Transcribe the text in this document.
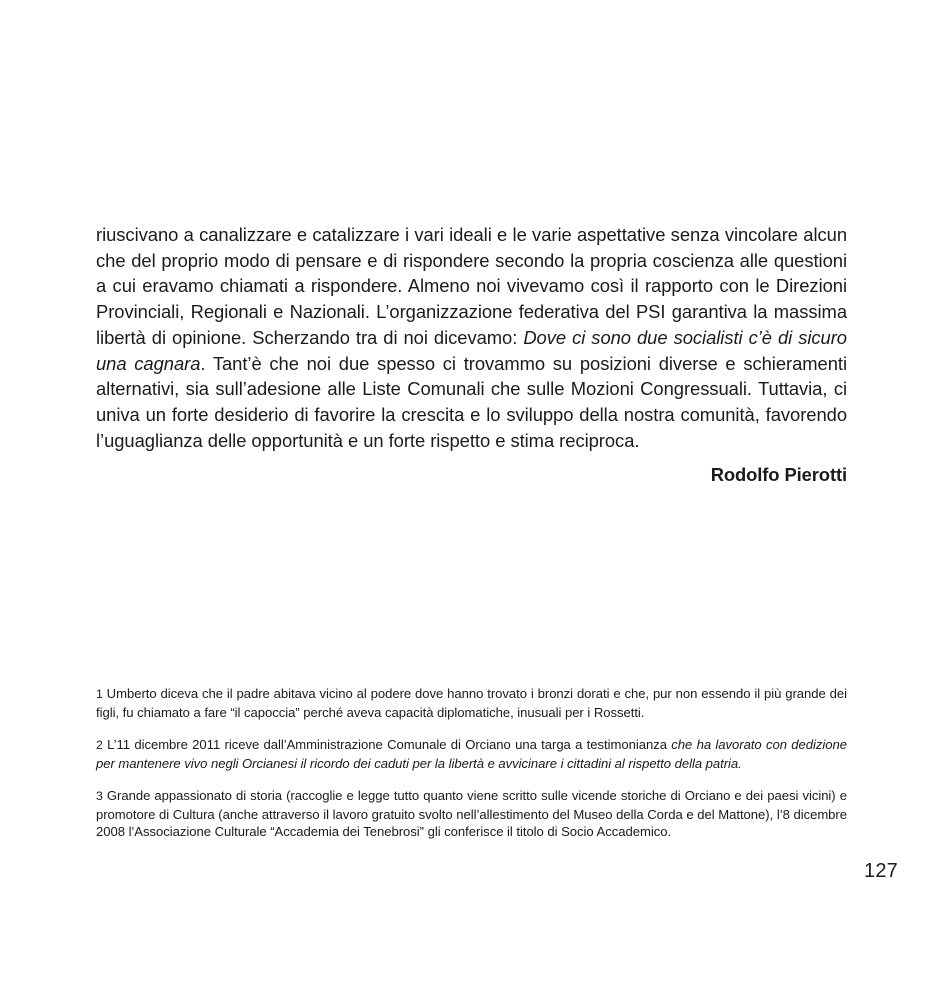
riuscivano a canalizzare e catalizzare i vari ideali e le varie aspettative senza vincolare alcun che del proprio modo di pensare e di rispondere secondo la propria coscienza alle questioni a cui eravamo chiamati a rispondere. Almeno noi vivevamo così il rapporto con le Direzioni Provinciali, Regionali e Nazionali. L’organizzazione federativa del PSI garantiva la massima libertà di opinione. Scherzando tra di noi dicevamo: Dove ci sono due socialisti c’è di sicuro una cagnara. Tant’è che noi due spesso ci trovammo su posizioni diverse e schieramenti alternativi, sia sull’adesione alle Liste Comunali che sulle Mozioni Congressuali. Tuttavia, ci univa un forte desiderio di favorire la crescita e lo sviluppo della nostra comunità, favorendo l’uguaglianza delle opportunità e un forte rispetto e stima reciproca.

Rodolfo Pierotti

1 Umberto diceva che il padre abitava vicino al podere dove hanno trovato i bronzi dorati e che, pur non essendo il più grande dei figli, fu chiamato a fare “il capoccia” perché aveva capacità diplomatiche, inusuali per i Rossetti.

2 L’11 dicembre 2011 riceve dall’Amministrazione Comunale di Orciano una targa a testimonianza che ha lavorato con dedizione per mantenere vivo negli Orcianesi il ricordo dei caduti per la libertà e avvicinare i cittadini al rispetto della patria.

3 Grande appassionato di storia (raccoglie e legge tutto quanto viene scritto sulle vicende storiche di Orciano e dei paesi vicini) e promotore di Cultura (anche attraverso il lavoro gratuito svolto nell’allestimento del Museo della Corda e del Mattone), l’8 dicembre 2008 l’Associazione Culturale “Accademia dei Tenebrosi” gli conferisce il titolo di Socio Accademico.

127
